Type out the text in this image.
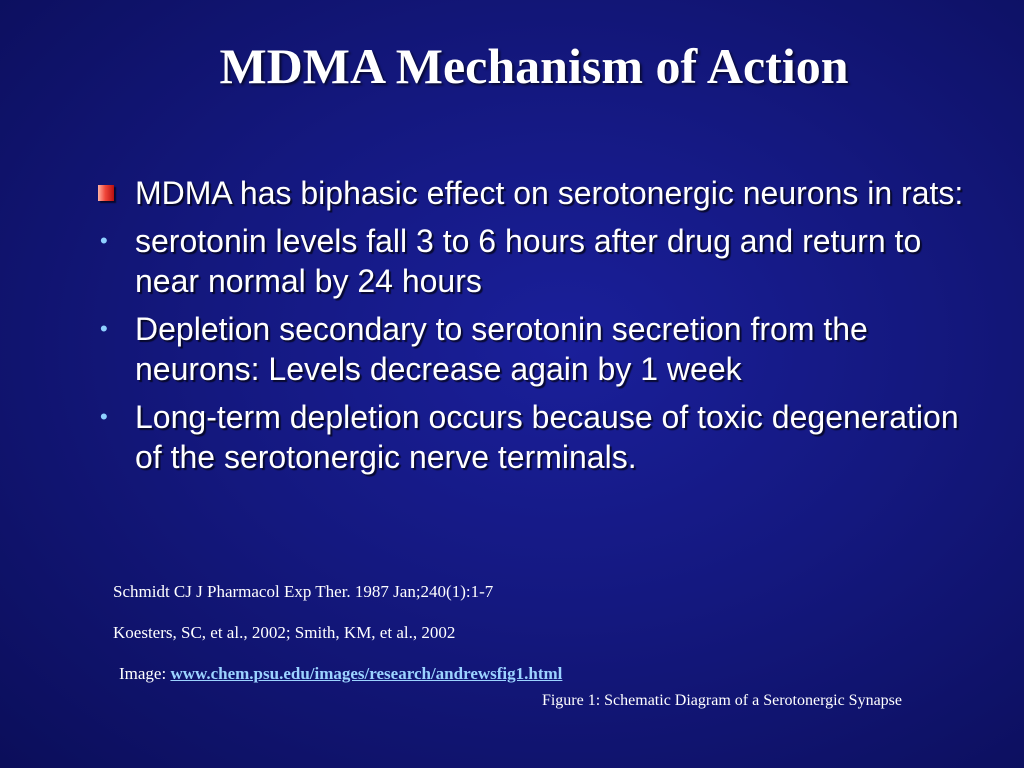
MDMA Mechanism of Action
MDMA has biphasic effect on serotonergic neurons in rats:
• serotonin levels fall 3 to 6 hours after drug and return to near normal by 24 hours
• Depletion secondary to serotonin secretion from the neurons: Levels decrease again by 1 week
• Long-term depletion occurs because of toxic degeneration of the serotonergic nerve terminals.
Schmidt CJ J Pharmacol Exp Ther. 1987 Jan;240(1):1-7
Koesters, SC, et al., 2002; Smith, KM, et al., 2002
Image: www.chem.psu.edu/images/research/andrewsfig1.html
Figure 1: Schematic Diagram of a Serotonergic Synapse
